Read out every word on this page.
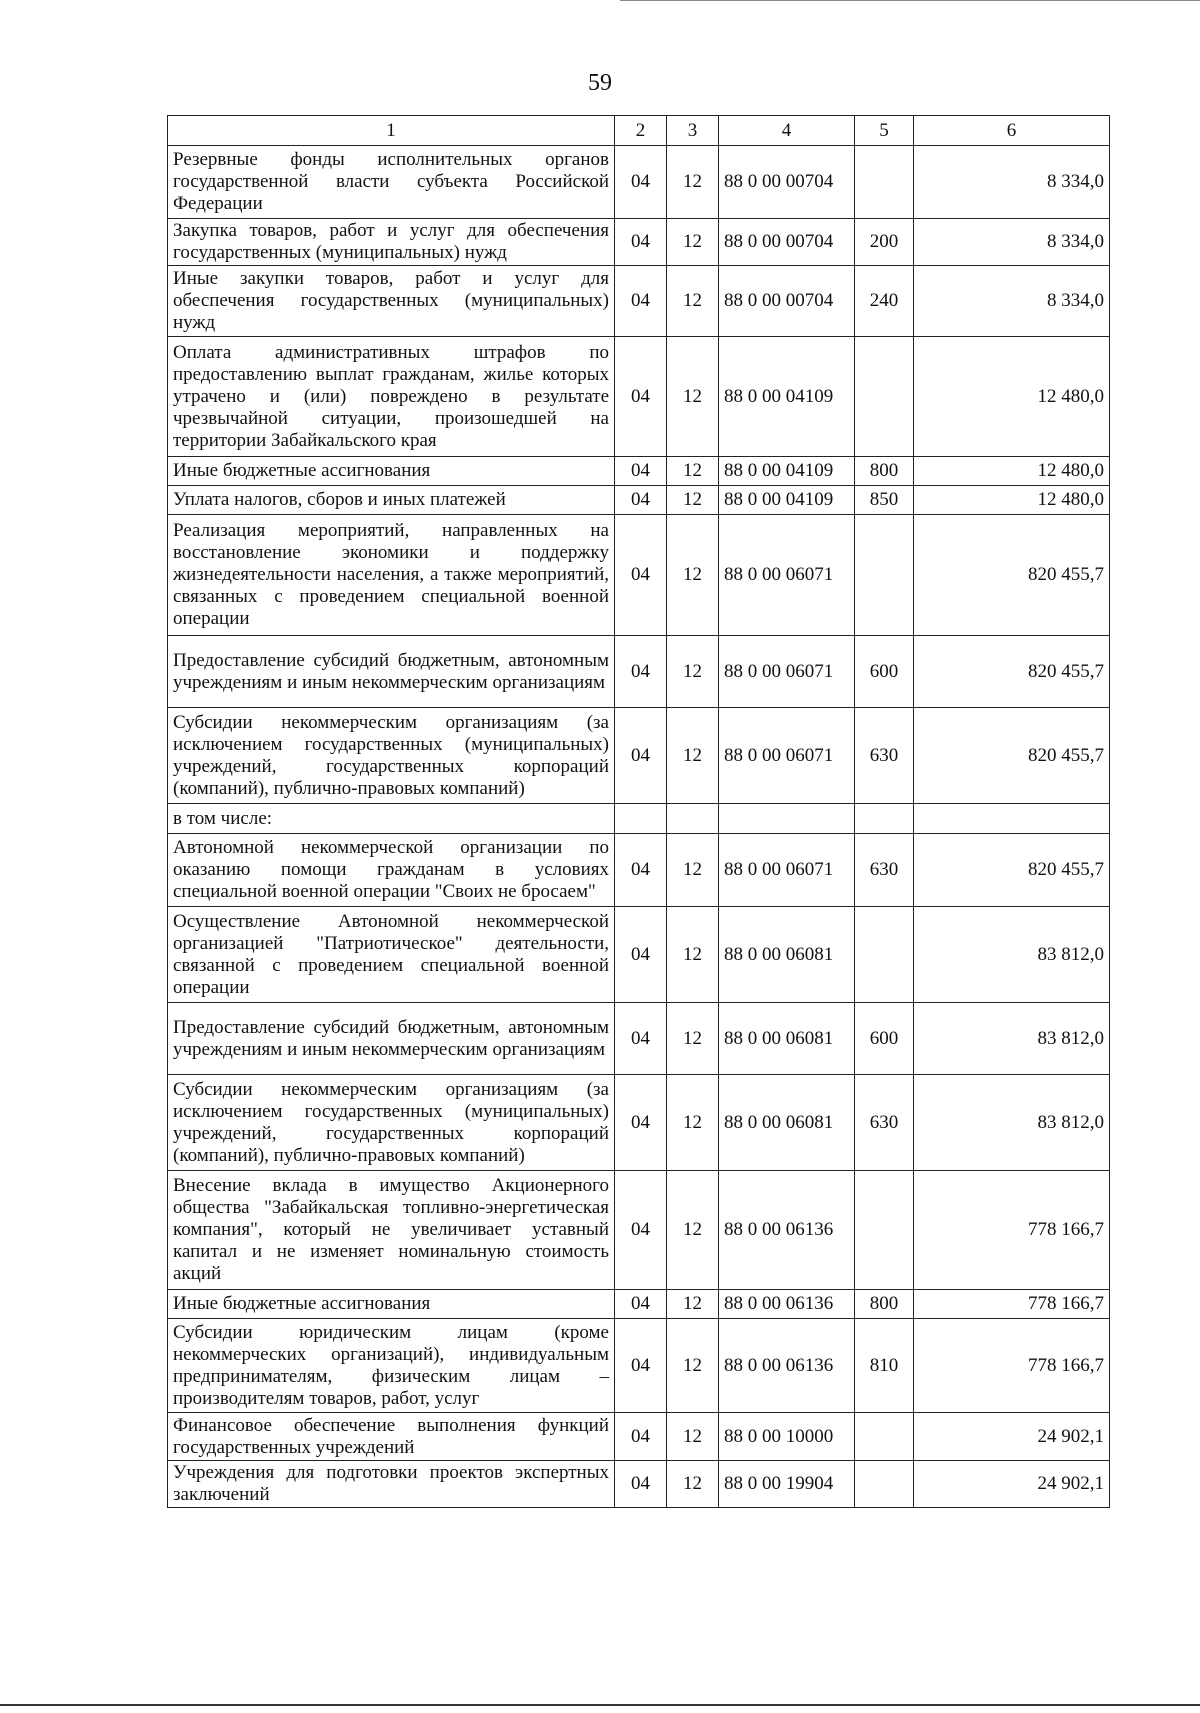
59
1	2	3	4	5	6
Резервные фонды исполнительных органов государственной власти субъекта Российской Федерации	04	12	88 0 00 00704		8 334,0
Закупка товаров, работ и услуг для обеспечения государственных (муниципальных) нужд	04	12	88 0 00 00704	200	8 334,0
Иные закупки товаров, работ и услуг для обеспечения государственных (муниципальных) нужд	04	12	88 0 00 00704	240	8 334,0
Оплата административных штрафов по предоставлению выплат гражданам, жилье которых утрачено и (или) повреждено в результате чрезвычайной ситуации, произошедшей на территории Забайкальского края	04	12	88 0 00 04109		12 480,0
Иные бюджетные ассигнования	04	12	88 0 00 04109	800	12 480,0
Уплата налогов, сборов и иных платежей	04	12	88 0 00 04109	850	12 480,0
Реализация мероприятий, направленных на восстановление экономики и поддержку жизнедеятельности населения, а также мероприятий, связанных с проведением специальной военной операции	04	12	88 0 00 06071		820 455,7
Предоставление субсидий бюджетным, автономным учреждениям и иным некоммерческим организациям	04	12	88 0 00 06071	600	820 455,7
Субсидии некоммерческим организациям (за исключением государственных (муниципальных) учреждений, государственных корпораций (компаний), публично-правовых компаний)	04	12	88 0 00 06071	630	820 455,7
в том числе:					
Автономной некоммерческой организации по оказанию помощи гражданам в условиях специальной военной операции "Своих не бросаем"	04	12	88 0 00 06071	630	820 455,7
Осуществление Автономной некоммерческой организацией "Патриотическое" деятельности, связанной с проведением специальной военной операции	04	12	88 0 00 06081		83 812,0
Предоставление субсидий бюджетным, автономным учреждениям и иным некоммерческим организациям	04	12	88 0 00 06081	600	83 812,0
Субсидии некоммерческим организациям (за исключением государственных (муниципальных) учреждений, государственных корпораций (компаний), публично-правовых компаний)	04	12	88 0 00 06081	630	83 812,0
Внесение вклада в имущество Акционерного общества "Забайкальская топливно-энергетическая компания", который не увеличивает уставный капитал и не изменяет номинальную стоимость акций	04	12	88 0 00 06136		778 166,7
Иные бюджетные ассигнования	04	12	88 0 00 06136	800	778 166,7
Субсидии юридическим лицам (кроме некоммерческих организаций), индивидуальным предпринимателям, физическим лицам – производителям товаров, работ, услуг	04	12	88 0 00 06136	810	778 166,7
Финансовое обеспечение выполнения функций государственных учреждений	04	12	88 0 00 10000		24 902,1
Учреждения для подготовки проектов экспертных заключений	04	12	88 0 00 19904		24 902,1
